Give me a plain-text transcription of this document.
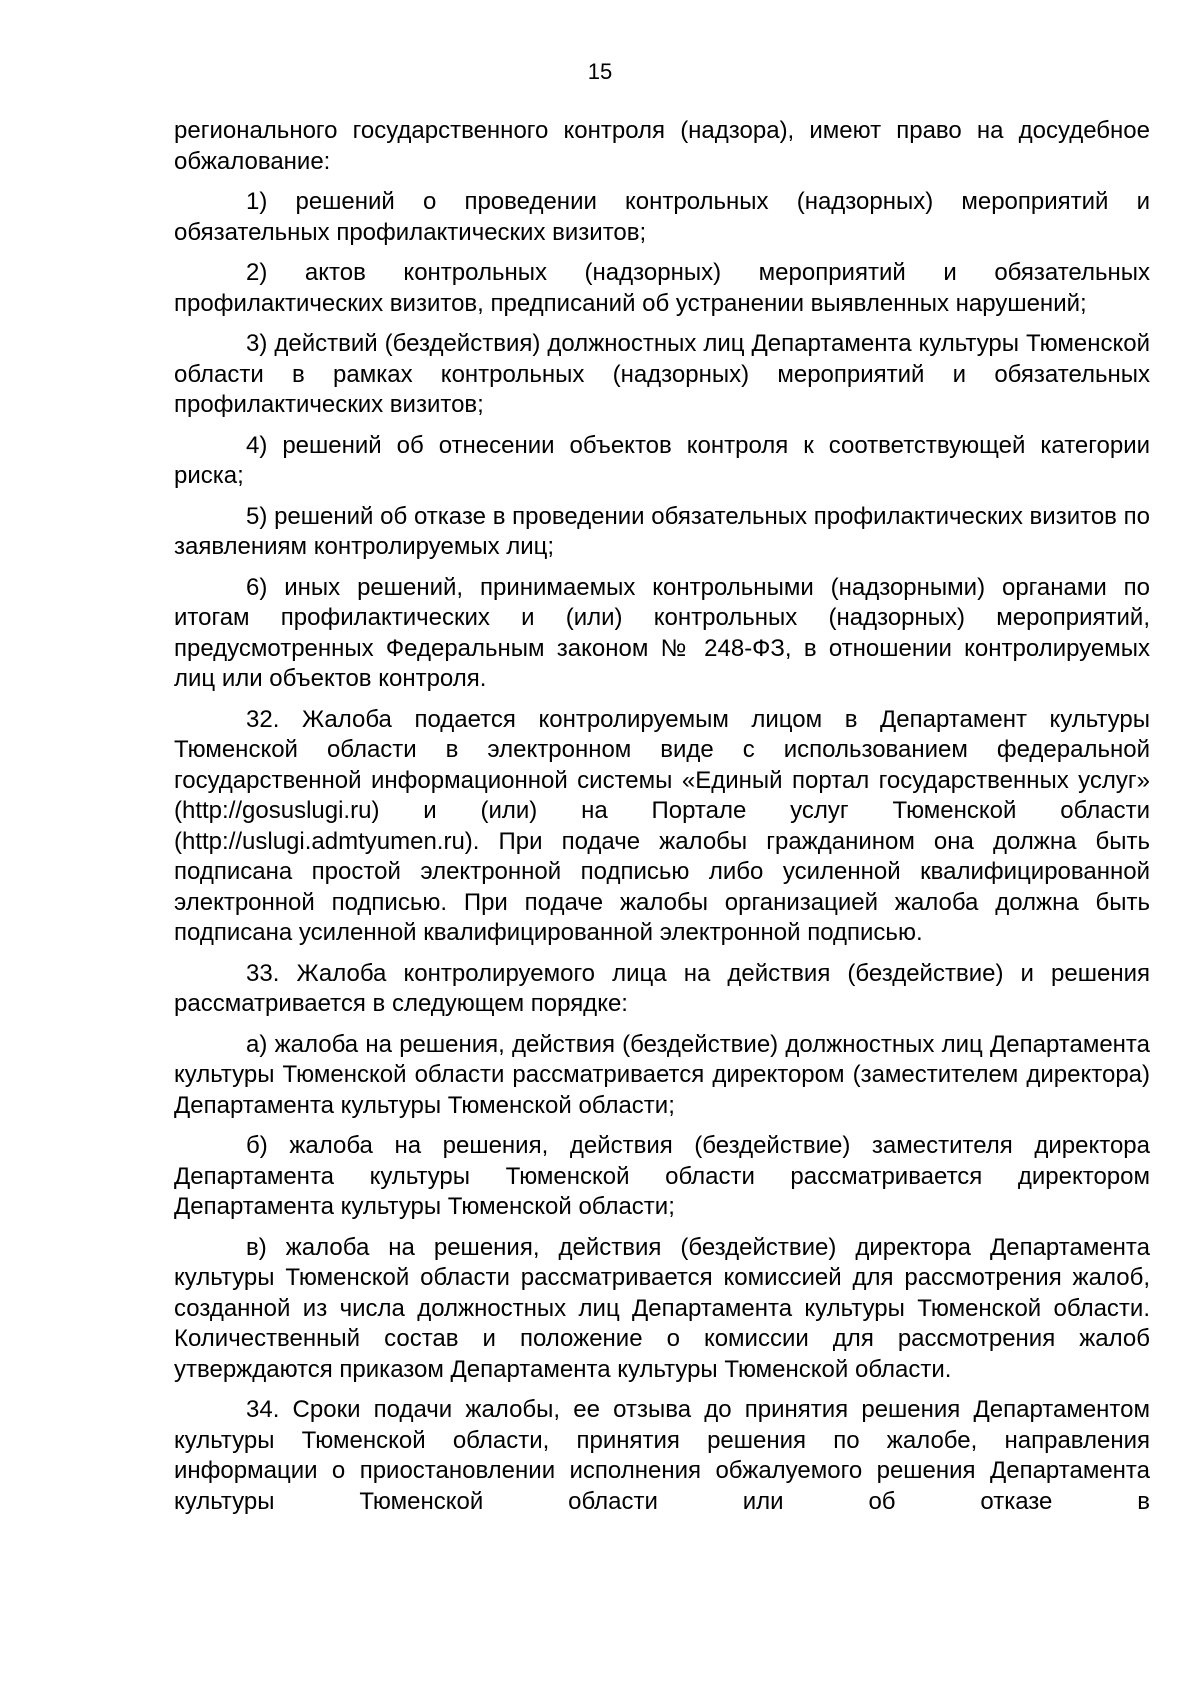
15

регионального государственного контроля (надзора), имеют право на досудебное обжалование:

1) решений о проведении контрольных (надзорных) мероприятий и обязательных профилактических визитов;

2) актов контрольных (надзорных) мероприятий и обязательных профилактических визитов, предписаний об устранении выявленных нарушений;

3) действий (бездействия) должностных лиц Департамента культуры Тюменской области в рамках контрольных (надзорных) мероприятий и обязательных профилактических визитов;

4) решений об отнесении объектов контроля к соответствующей категории риска;

5) решений об отказе в проведении обязательных профилактических визитов по заявлениям контролируемых лиц;

6) иных решений, принимаемых контрольными (надзорными) органами по итогам профилактических и (или) контрольных (надзорных) мероприятий, предусмотренных Федеральным законом № 248-ФЗ, в отношении контролируемых лиц или объектов контроля.

32. Жалоба подается контролируемым лицом в Департамент культуры Тюменской области в электронном виде с использованием федеральной государственной информационной системы «Единый портал государственных услуг» (http://gosuslugi.ru) и (или) на Портале услуг Тюменской области (http://uslugi.admtyumen.ru). При подаче жалобы гражданином она должна быть подписана простой электронной подписью либо усиленной квалифицированной электронной подписью. При подаче жалобы организацией жалоба должна быть подписана усиленной квалифицированной электронной подписью.

33. Жалоба контролируемого лица на действия (бездействие) и решения рассматривается в следующем порядке:

а) жалоба на решения, действия (бездействие) должностных лиц Департамента культуры Тюменской области рассматривается директором (заместителем директора) Департамента культуры Тюменской области;

б) жалоба на решения, действия (бездействие) заместителя директора Департамента культуры Тюменской области рассматривается директором Департамента культуры Тюменской области;

в) жалоба на решения, действия (бездействие) директора Департамента культуры Тюменской области рассматривается комиссией для рассмотрения жалоб, созданной из числа должностных лиц Департамента культуры Тюменской области. Количественный состав и положение о комиссии для рассмотрения жалоб утверждаются приказом Департамента культуры Тюменской области.

34. Сроки подачи жалобы, ее отзыва до принятия решения Департаментом культуры Тюменской области, принятия решения по жалобе, направления информации о приостановлении исполнения обжалуемого решения Департамента культуры Тюменской области или об отказе в
